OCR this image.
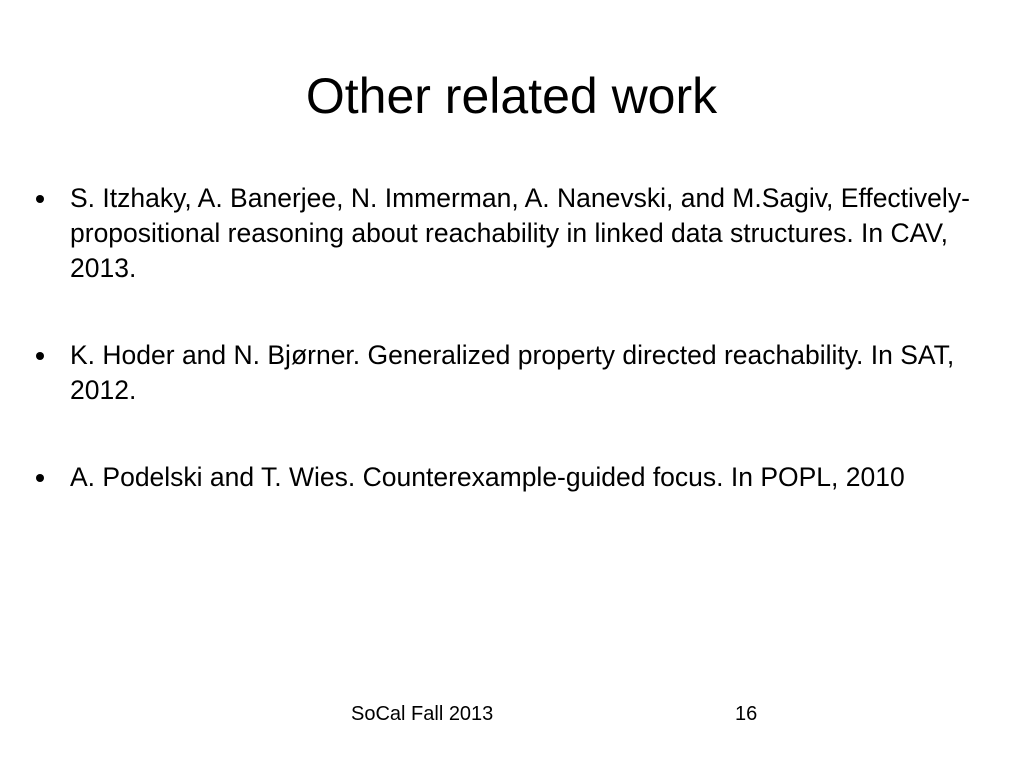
Other related work
S. Itzhaky, A. Banerjee, N. Immerman, A. Nanevski, and M.Sagiv, Effectively-propositional reasoning about reachability in linked data structures. In CAV, 2013.
K. Hoder and N. Bjørner. Generalized property directed reachability. In SAT, 2012.
A. Podelski and T. Wies. Counterexample-guided focus. In POPL, 2010
SoCal Fall 2013	16
